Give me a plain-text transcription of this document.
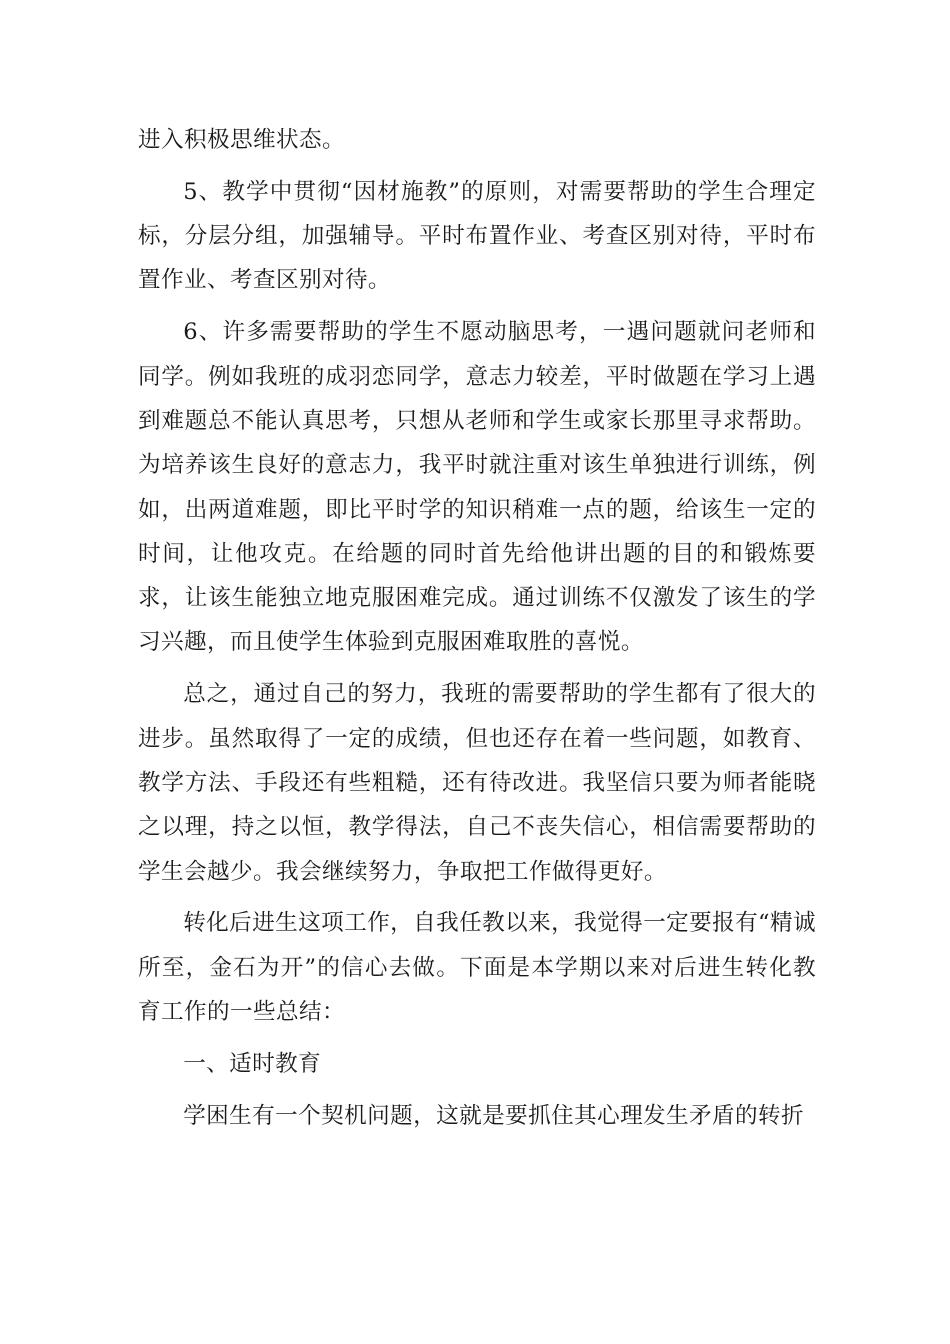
进入积极思维状态。

5、教学中贯彻“因材施教”的原则，对需要帮助的学生合理定标，分层分组，加强辅导。平时布置作业、考查区别对待，平时布置作业、考查区别对待。

6、许多需要帮助的学生不愿动脑思考，一遇问题就问老师和同学。例如我班的成羽恋同学，意志力较差，平时做题在学习上遇到难题总不能认真思考，只想从老师和学生或家长那里寻求帮助。为培养该生良好的意志力，我平时就注重对该生单独进行训练，例如，出两道难题，即比平时学的知识稍难一点的题，给该生一定的时间，让他攻克。在给题的同时首先给他讲出题的目的和锻炼要求，让该生能独立地克服困难完成。通过训练不仅激发了该生的学习兴趣，而且使学生体验到克服困难取胜的喜悦。

总之，通过自己的努力，我班的需要帮助的学生都有了很大的进步。虽然取得了一定的成绩，但也还存在着一些问题，如教育、教学方法、手段还有些粗糙，还有待改进。我坚信只要为师者能晓之以理，持之以恒，教学得法，自己不丧失信心，相信需要帮助的学生会越少。我会继续努力，争取把工作做得更好。

转化后进生这项工作，自我任教以来，我觉得一定要报有“精诚所至，金石为开”的信心去做。下面是本学期以来对后进生转化教育工作的一些总结：

一、适时教育

学困生有一个契机问题，这就是要抓住其心理发生矛盾的转折
